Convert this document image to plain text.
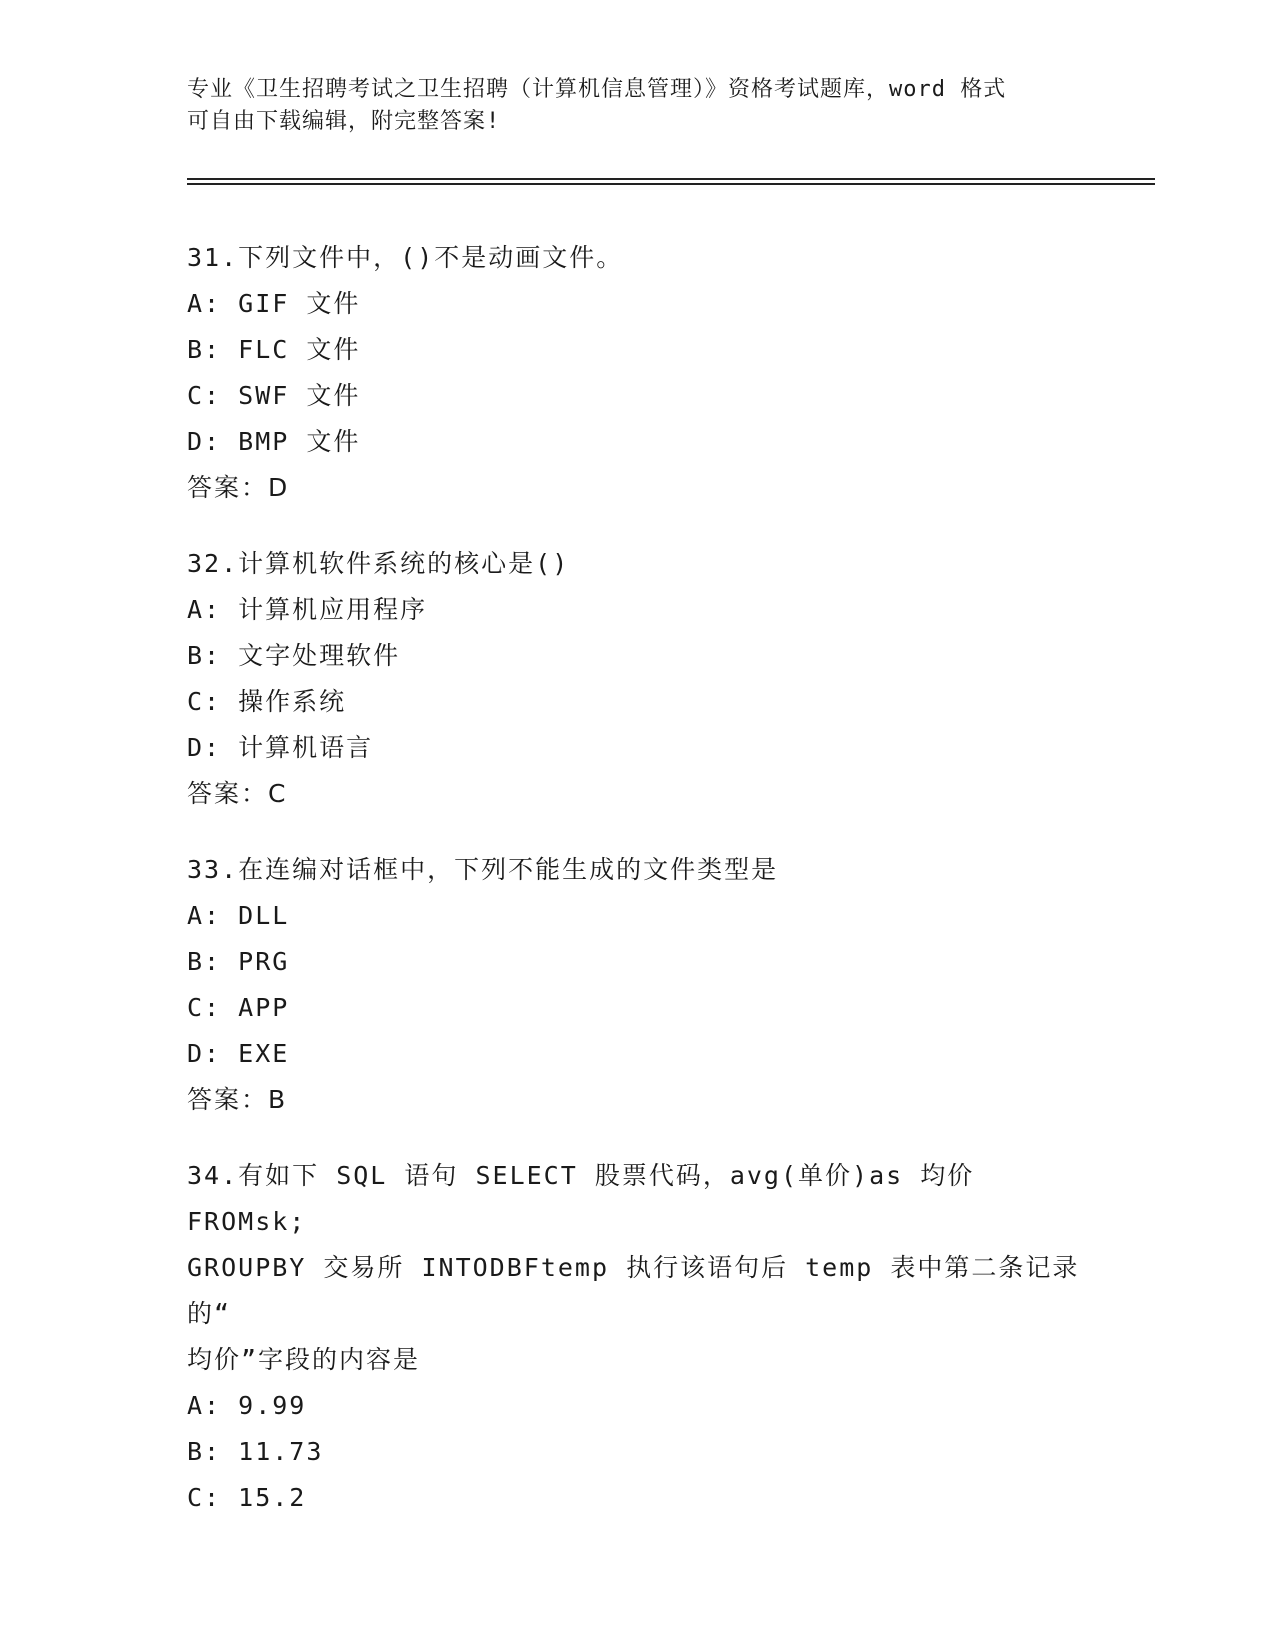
专业《卫生招聘考试之卫生招聘（计算机信息管理）》资格考试题库，word 格式
可自由下载编辑，附完整答案!
31.下列文件中，()不是动画文件。
A: GIF 文件
B: FLC 文件
C: SWF 文件
D: BMP 文件
答案：D
32.计算机软件系统的核心是()
A: 计算机应用程序
B: 文字处理软件
C: 操作系统
D: 计算机语言
答案：C
33.在连编对话框中，下列不能生成的文件类型是
A: DLL
B: PRG
C: APP
D: EXE
答案：B
34.有如下 SQL 语句 SELECT 股票代码，avg(单价)as 均价 FROMsk;
GROUPBY 交易所 INTODBFtemp 执行该语句后 temp 表中第二条记录的“
均价”字段的内容是
A: 9.99
B: 11.73
C: 15.2
